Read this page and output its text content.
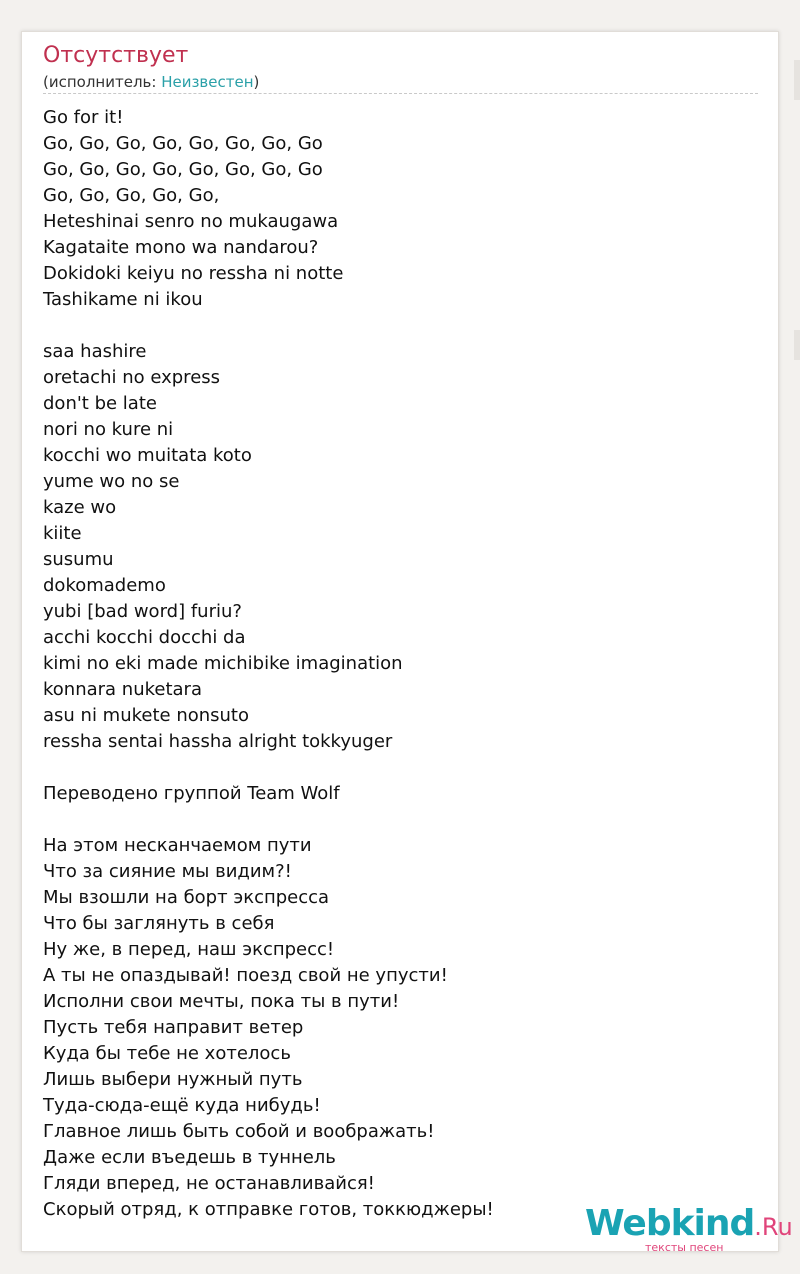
Отсутствует
(исполнитель: Неизвестен)
Go for it!
Go, Go, Go, Go, Go, Go, Go, Go
Go, Go, Go, Go, Go, Go, Go, Go
Go, Go, Go, Go, Go,
Heteshinai senro no mukaugawa
Kagataite mono wa nandarou?
Dokidoki keiyu no ressha ni notte
Tashikame ni ikou
saa hashire
oretachi no express
don't be late
nori no kure ni
kocchi wo muitata koto
yume wo no se
kaze wo
kiite
susumu
dokomademo
yubi [bad word] furiu?
acchi kocchi docchi da
kimi no eki made michibike imagination
konnara nuketara
asu ni mukete nonsuto
ressha sentai hassha alright tokkyuger
Переводено группой Team Wolf
На этом несканчаемом пути
Что за сияние мы видим?!
Мы взошли на борт экспресса
Что бы заглянуть в себя
Ну же, в перед, наш экспресс!
А ты не опаздывай! поезд свой не упусти!
Исполни свои мечты, пока ты в пути!
Пусть тебя направит ветер
Куда бы тебе не хотелось
Лишь выбери нужный путь
Туда-сюда-ещё куда нибудь!
Главное лишь быть собой и воображать!
Даже если въедешь в туннель
Гляди вперед, не останавливайся!
Скорый отряд, к отправке готов, токкюджеры!	Webkind.Ru
тексты песен
